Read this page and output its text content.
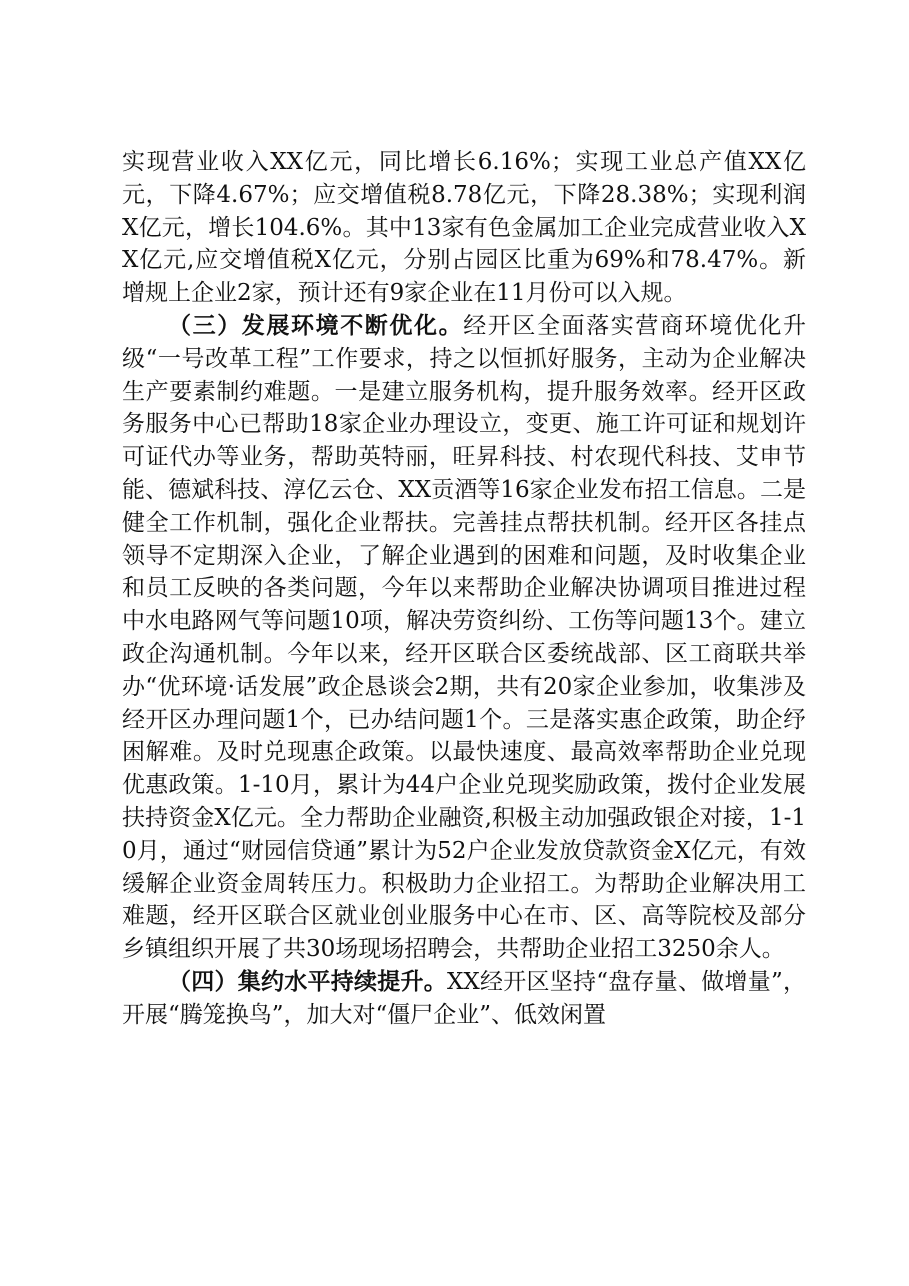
实现营业收入XX亿元，同比增长6.16%；实现工业总产值XX亿元，下降4.67%；应交增值税8.78亿元，下降28.38%；实现利润X亿元，增长104.6%。其中13家有色金属加工企业完成营业收入XX亿元,应交增值税X亿元，分别占园区比重为69%和78.47%。新增规上企业2家，预计还有9家企业在11月份可以入规。

（三）发展环境不断优化。经开区全面落实营商环境优化升级“一号改革工程”工作要求，持之以恒抓好服务，主动为企业解决生产要素制约难题。一是建立服务机构，提升服务效率。经开区政务服务中心已帮助18家企业办理设立，变更、施工许可证和规划许可证代办等业务，帮助英特丽，旺昇科技、村农现代科技、艾申节能、德斌科技、淳亿云仓、XX贡酒等16家企业发布招工信息。二是健全工作机制，强化企业帮扶。完善挂点帮扶机制。经开区各挂点领导不定期深入企业，了解企业遇到的困难和问题，及时收集企业和员工反映的各类问题，今年以来帮助企业解决协调项目推进过程中水电路网气等问题10项，解决劳资纠纷、工伤等问题13个。建立政企沟通机制。今年以来，经开区联合区委统战部、区工商联共举办“优环境·话发展”政企恳谈会2期，共有20家企业参加，收集涉及经开区办理问题1个，已办结问题1个。三是落实惠企政策，助企纾困解难。及时兑现惠企政策。以最快速度、最高效率帮助企业兑现优惠政策。1-10月，累计为44户企业兑现奖励政策，拨付企业发展扶持资金X亿元。全力帮助企业融资,积极主动加强政银企对接，1-10月，通过“财园信贷通”累计为52户企业发放贷款资金X亿元，有效缓解企业资金周转压力。积极助力企业招工。为帮助企业解决用工难题，经开区联合区就业创业服务中心在市、区、高等院校及部分乡镇组织开展了共30场现场招聘会，共帮助企业招工3250余人。

（四）集约水平持续提升。XX经开区坚持“盘存量、做增量”，开展“腾笼换鸟”，加大对“僵尸企业”、低效闲置
